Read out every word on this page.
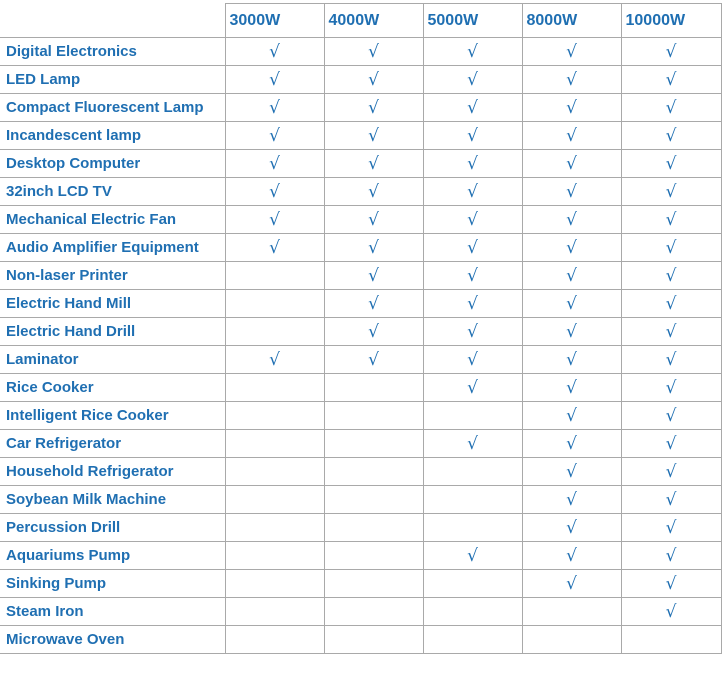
	3000W	4000W	5000W	8000W	10000W
Digital Electronics	√	√	√	√	√
LED Lamp	√	√	√	√	√
Compact Fluorescent Lamp	√	√	√	√	√
Incandescent lamp	√	√	√	√	√
Desktop Computer	√	√	√	√	√
32inch LCD TV	√	√	√	√	√
Mechanical Electric Fan	√	√	√	√	√
Audio Amplifier Equipment	√	√	√	√	√
Non-laser Printer		√	√	√	√
Electric Hand Mill		√	√	√	√
Electric Hand Drill		√	√	√	√
Laminator	√	√	√	√	√
Rice Cooker			√	√	√
Intelligent Rice Cooker				√	√
Car Refrigerator			√	√	√
Household Refrigerator				√	√
Soybean Milk Machine				√	√
Percussion Drill				√	√
Aquariums Pump			√	√	√
Sinking Pump				√	√
Steam Iron					√
Microwave Oven					
